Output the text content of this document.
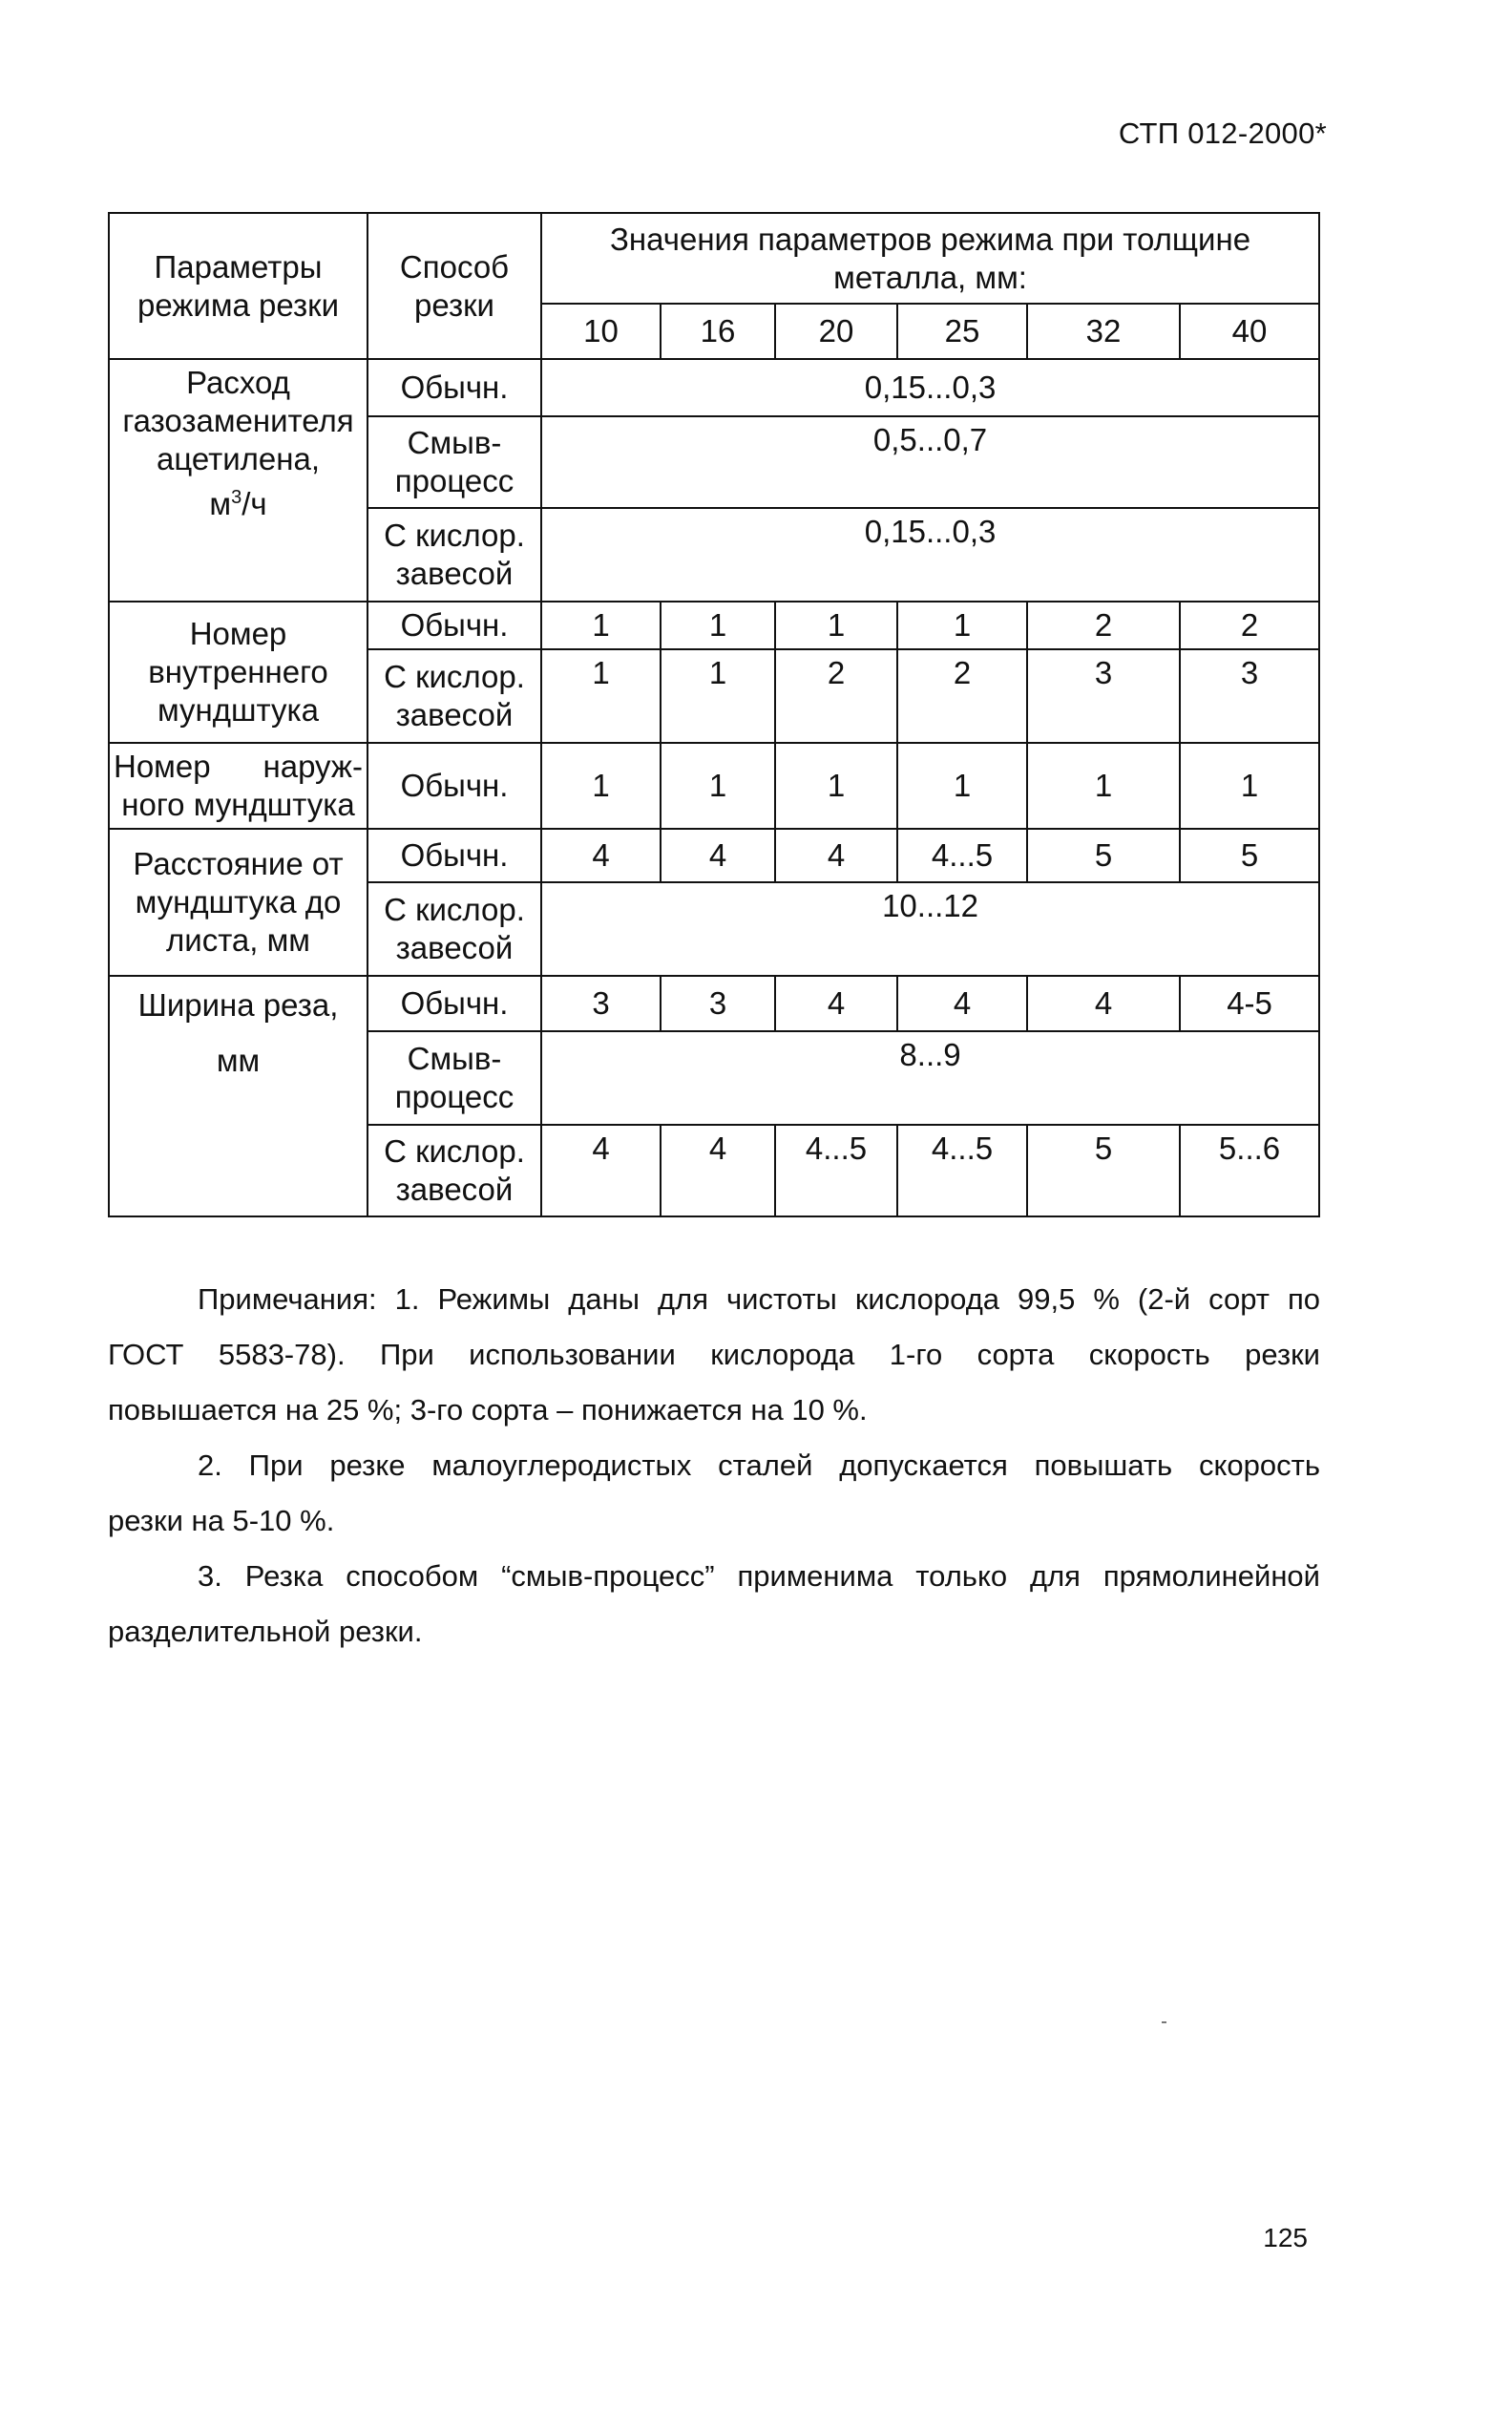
СТП 012-2000*
Параметры режима резки	Способ резки	Значения параметров режима при толщине металла, мм:					
		10	16	20	25	32	40

Расход
газозаменителя
ацетилена,
$м^3/ч$	Обычн.	0,15...0,3					
	Смыв-процесс	0,5...0,7					
	С кислор. завесой	0,15...0,3					
Номер внутреннего мундштука	Обычн.	1	1	1	1	2	2
	С кислор. завесой	1	1	2	2	3	3

Номер наруж-
ного мундштука	Обычн.	1	1	1	1	1	1
Расстояние от мундштука до листа, мм	Обычн.	4	4	4	4...5	5	5
	С кислор. завесой	10...12					

Ширина реза,
мм	Обычн.	3	3	4	4	4	4-5
	Смыв-процесс	8...9					
	С кислор. завесой	4	4	4...5	4...5	5	5...6

Примечания: 1. Режимы даны для чистоты кислорода 99,5 % (2-й сорт по

ГОСТ 5583-78). При использовании кислорода 1-го сорта скорость резки

повышается на 25 %; 3-го сорта – понижается на 10 %.

2. При резке малоуглеродистых сталей допускается повышать скорость

резки на 5-10 %.

3. Резка способом “смыв-процесс” применима только для прямолинейной

разделительной резки.

125
